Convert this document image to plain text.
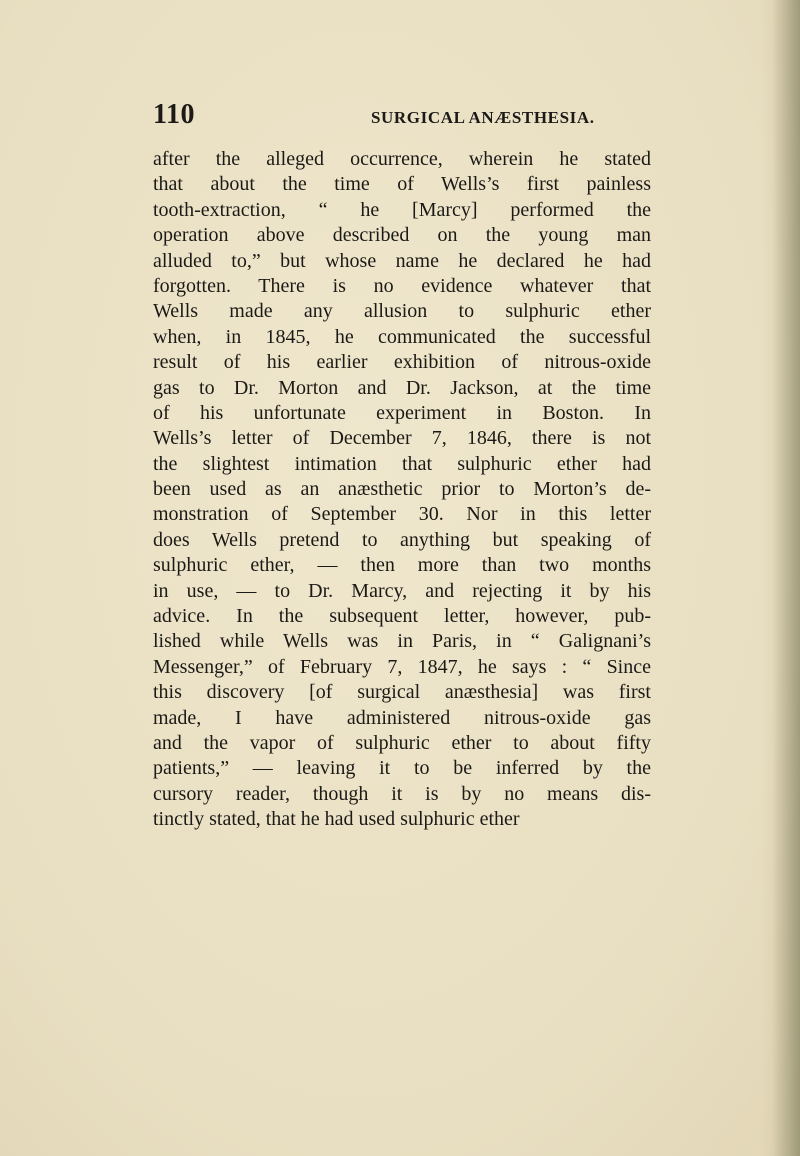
110	SURGICAL ANÆSTHESIA.
after the alleged occurrence, wherein he stated
that about the time of Wells’s first painless
tooth-extraction, “ he [Marcy] performed the
operation above described on the young man
alluded to,” but whose name he declared he had
forgotten. There is no evidence whatever that
Wells made any allusion to sulphuric ether
when, in 1845, he communicated the successful
result of his earlier exhibition of nitrous-oxide
gas to Dr. Morton and Dr. Jackson, at the time
of his unfortunate experiment in Boston. In
Wells’s letter of December 7, 1846, there is not
the slightest intimation that sulphuric ether had
been used as an anæsthetic prior to Morton’s de-
monstration of September 30. Nor in this letter
does Wells pretend to anything but speaking of
sulphuric ether, — then more than two months
in use, — to Dr. Marcy, and rejecting it by his
advice. In the subsequent letter, however, pub-
lished while Wells was in Paris, in “ Galignani’s
Messenger,” of February 7, 1847, he says : “ Since
this discovery [of surgical anæsthesia] was first
made, I have administered nitrous-oxide gas
and the vapor of sulphuric ether to about fifty
patients,” — leaving it to be inferred by the
cursory reader, though it is by no means dis-
tinctly stated, that he had used sulphuric ether
